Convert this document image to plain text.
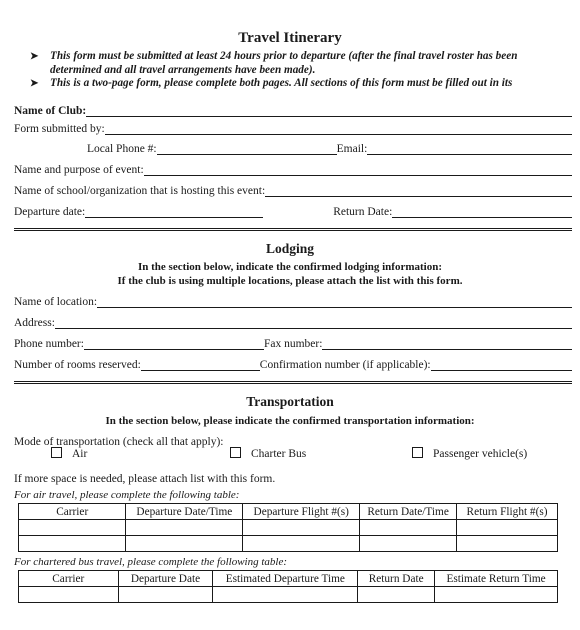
Travel Itinerary
➤	This form must be submitted at least 24 hours prior to departure (after the final travel roster has been determined and all travel arrangements have been made).
➤	This is a two-page form, please complete both pages. All sections of this form must be filled out in its
Name of Club:
Form submitted by:
Local Phone #:	Email:
Name and purpose of event:
Name of school/organization that is hosting this event:
Departure date:	Return Date:
Lodging
In the section below, indicate the confirmed lodging information:
If the club is using multiple locations, please attach the list with this form.
Name of location:
Address:
Phone number:	Fax number:
Number of rooms reserved:	Confirmation number (if applicable):
Transportation
In the section below, please indicate the confirmed transportation information:
Mode of transportation (check all that apply):
Air	Charter Bus	Passenger vehicle(s)
If more space is needed, please attach list with this form.
For air travel, please complete the following table:
Carrier	Departure Date/Time	Departure Flight #(s)	Return Date/Time	Return Flight #(s)

For chartered bus travel, please complete the following table:
Carrier	Departure Date	Estimated Departure Time	Return Date	Estimate Return Time
